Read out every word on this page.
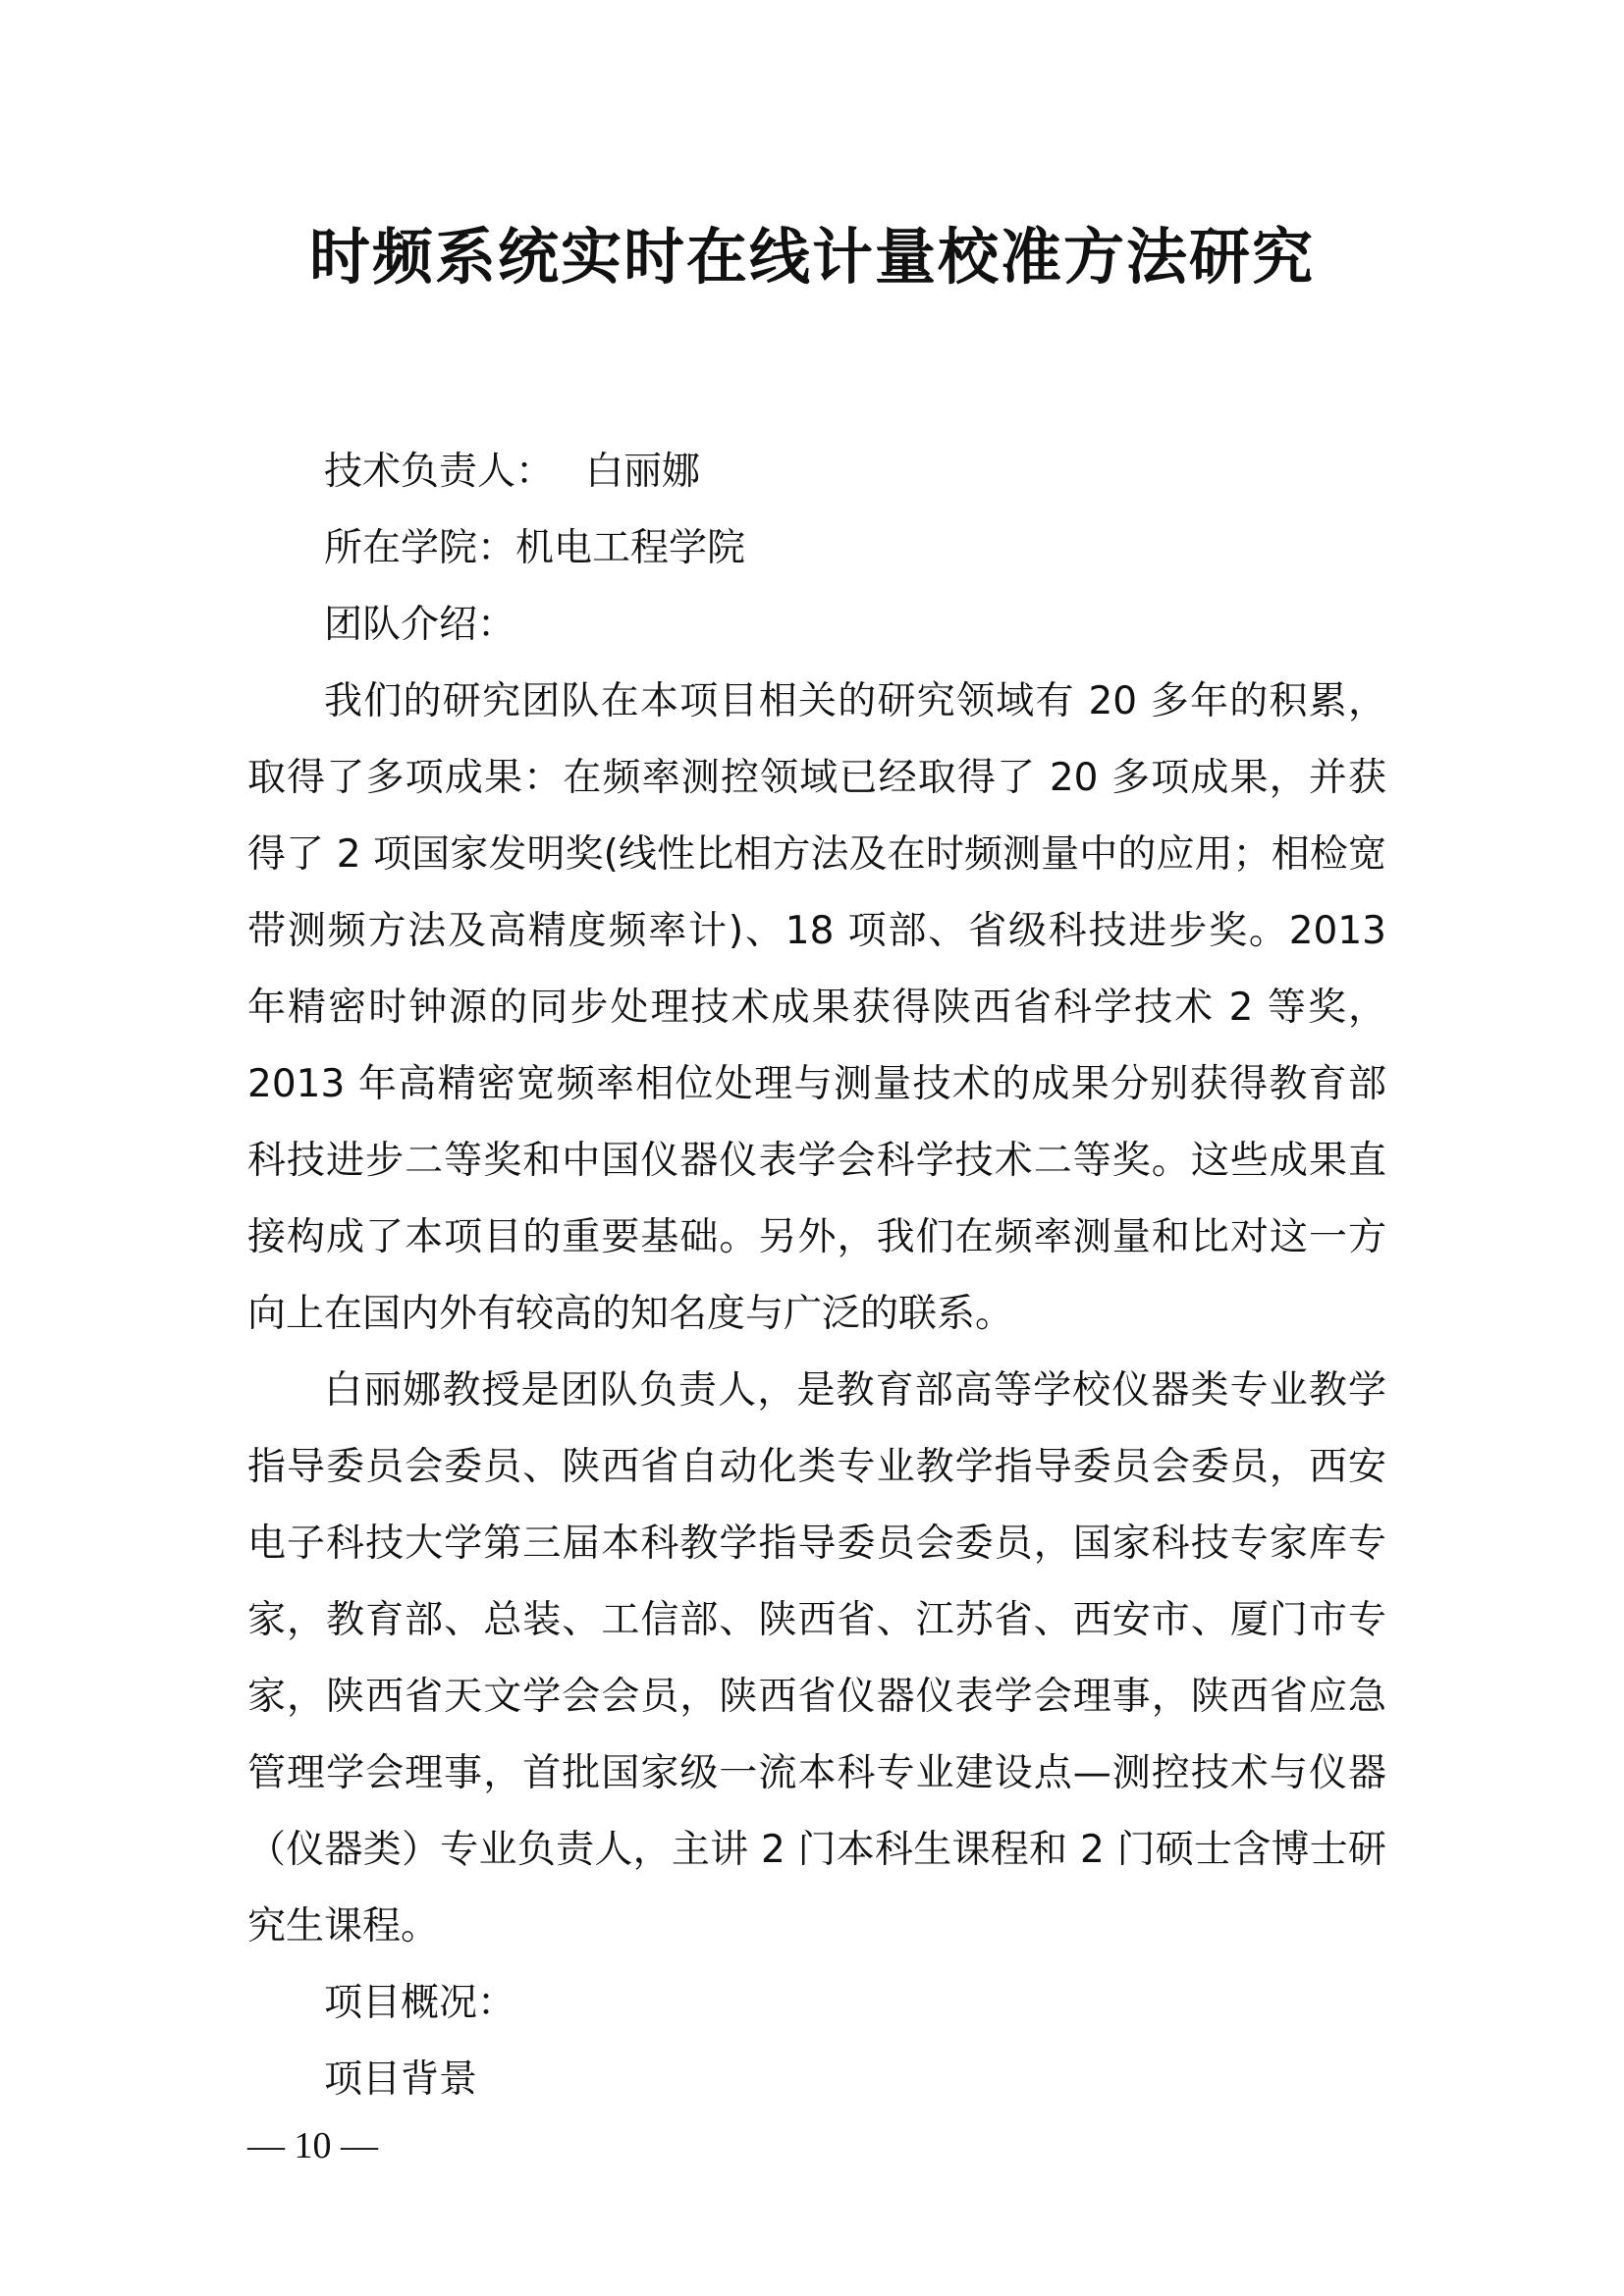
时频系统实时在线计量校准方法研究

技术负责人： 白丽娜

所在学院：机电工程学院

团队介绍：

我们的研究团队在本项目相关的研究领域有 20 多年的积累，取得了多项成果：在频率测控领域已经取得了 20 多项成果，并获得了 2 项国家发明奖(线性比相方法及在时频测量中的应用；相检宽带测频方法及高精度频率计)、18 项部、省级科技进步奖。2013 年精密时钟源的同步处理技术成果获得陕西省科学技术 2 等奖，2013 年高精密宽频率相位处理与测量技术的成果分别获得教育部科技进步二等奖和中国仪器仪表学会科学技术二等奖。这些成果直接构成了本项目的重要基础。另外，我们在频率测量和比对这一方向上在国内外有较高的知名度与广泛的联系。

白丽娜教授是团队负责人，是教育部高等学校仪器类专业教学指导委员会委员、陕西省自动化类专业教学指导委员会委员，西安电子科技大学第三届本科教学指导委员会委员，国家科技专家库专家，教育部、总装、工信部、陕西省、江苏省、西安市、厦门市专家，陕西省天文学会会员，陕西省仪器仪表学会理事，陕西省应急管理学会理事，首批国家级一流本科专业建设点—测控技术与仪器（仪器类）专业负责人，主讲 2 门本科生课程和 2 门硕士含博士研究生课程。

项目概况：

项目背景

— 10 —
